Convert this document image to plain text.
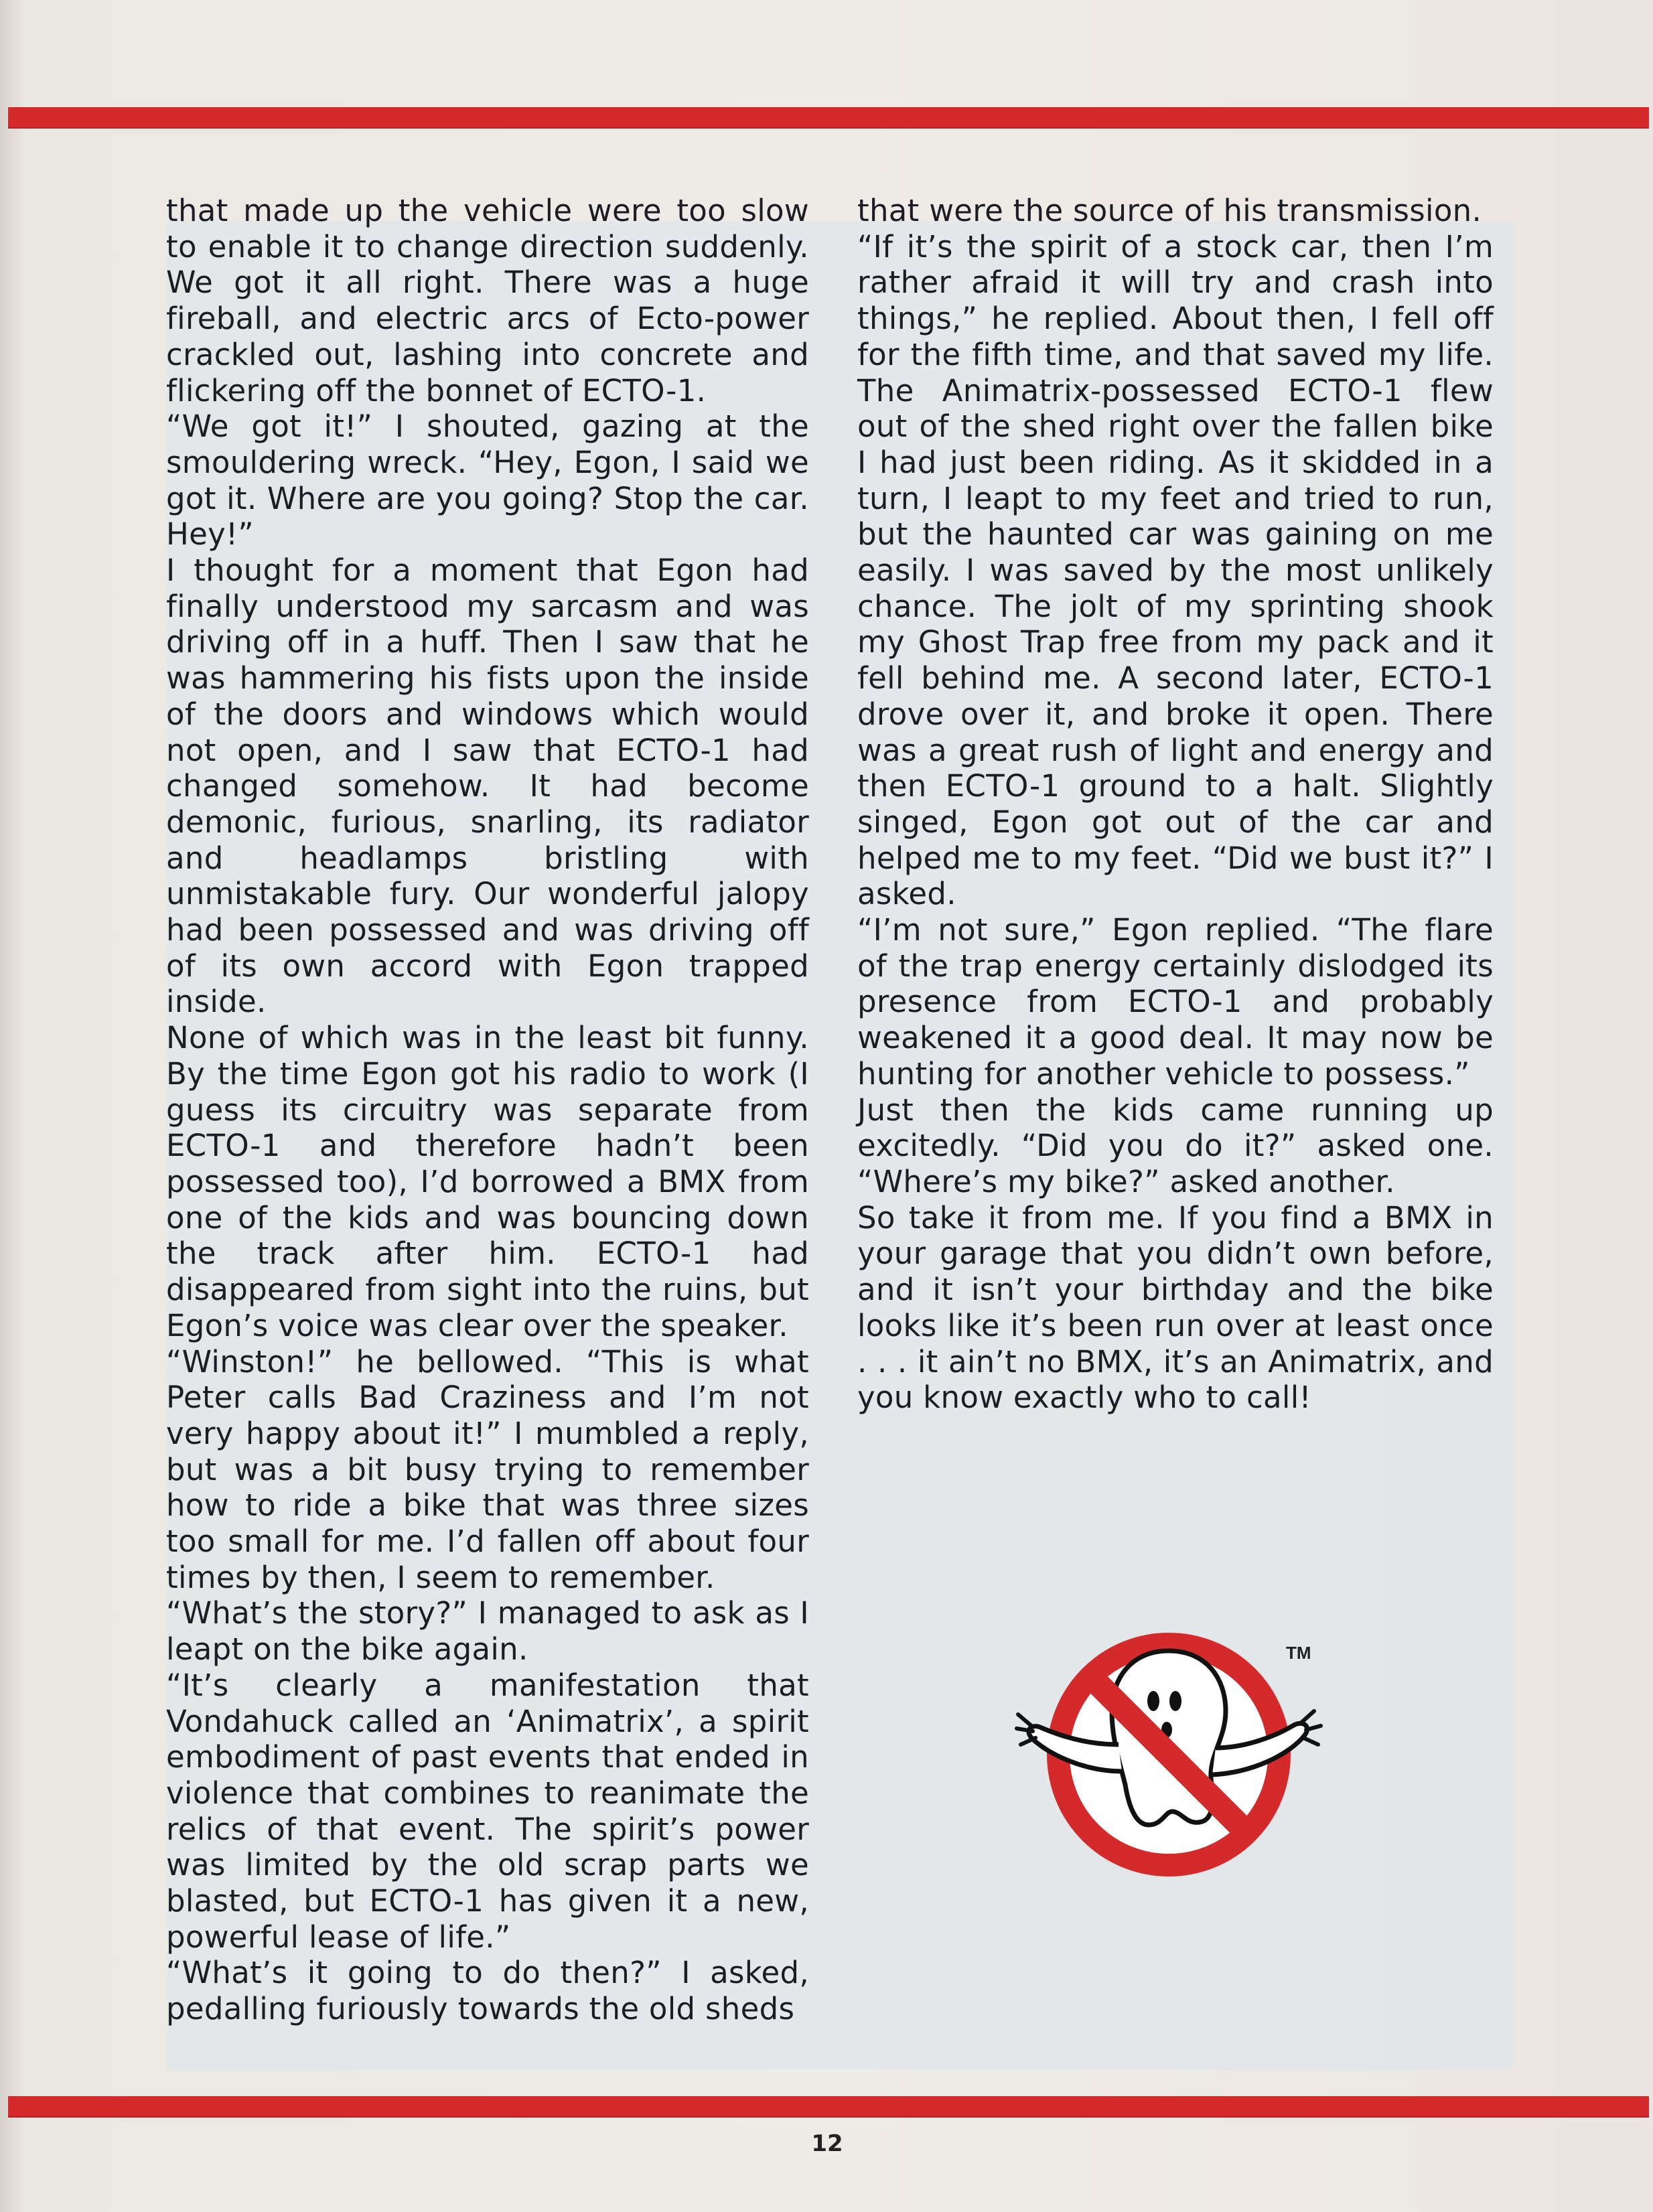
that made up the vehicle were too slow to enable it to change direction suddenly. We got it all right. There was a huge fireball, and electric arcs of Ecto-power crackled out, lashing into concrete and flickering off the bonnet of ECTO-1.

“We got it!” I shouted, gazing at the smouldering wreck. “Hey, Egon, I said we got it. Where are you going? Stop the car. Hey!”

I thought for a moment that Egon had finally understood my sarcasm and was driving off in a huff. Then I saw that he was hammering his fists upon the inside of the doors and windows which would not open, and I saw that ECTO-1 had changed somehow. It had become demonic, furious, snarling, its radiator and headlamps bristling with unmistakable fury. Our wonderful jalopy had been possessed and was driving off of its own accord with Egon trapped inside.

None of which was in the least bit funny. By the time Egon got his radio to work (I guess its circuitry was separate from ECTO-1 and therefore hadn’t been possessed too), I’d borrowed a BMX from one of the kids and was bouncing down the track after him. ECTO-1 had disappeared from sight into the ruins, but Egon’s voice was clear over the speaker.

“Winston!” he bellowed. “This is what Peter calls Bad Craziness and I’m not very happy about it!” I mumbled a reply, but was a bit busy trying to remember how to ride a bike that was three sizes too small for me. I’d fallen off about four times by then, I seem to remember.

“What’s the story?” I managed to ask as I leapt on the bike again.

“It’s clearly a manifestation that Vondahuck called an ‘Animatrix’, a spirit embodiment of past events that ended in violence that combines to reanimate the relics of that event. The spirit’s power was limited by the old scrap parts we blasted, but ECTO-1 has given it a new, powerful lease of life.”

“What’s it going to do then?” I asked, pedalling furiously towards the old sheds

that were the source of his transmission.

“If it’s the spirit of a stock car, then I’m rather afraid it will try and crash into things,” he replied. About then, I fell off for the fifth time, and that saved my life. The Animatrix-possessed ECTO-1 flew out of the shed right over the fallen bike I had just been riding. As it skidded in a turn, I leapt to my feet and tried to run, but the haunted car was gaining on me easily. I was saved by the most unlikely chance. The jolt of my sprinting shook my Ghost Trap free from my pack and it fell behind me. A second later, ECTO-1 drove over it, and broke it open. There was a great rush of light and energy and then ECTO-1 ground to a halt. Slightly singed, Egon got out of the car and helped me to my feet. “Did we bust it?” I asked.

“I’m not sure,” Egon replied. “The flare of the trap energy certainly dislodged its presence from ECTO-1 and probably weakened it a good deal. It may now be hunting for another vehicle to possess.”

Just then the kids came running up excitedly. “Did you do it?” asked one. “Where’s my bike?” asked another.

So take it from me. If you find a BMX in your garage that you didn’t own before, and it isn’t your birthday and the bike looks like it’s been run over at least once . . . it ain’t no BMX, it’s an Animatrix, and you know exactly who to call!

TM
12
